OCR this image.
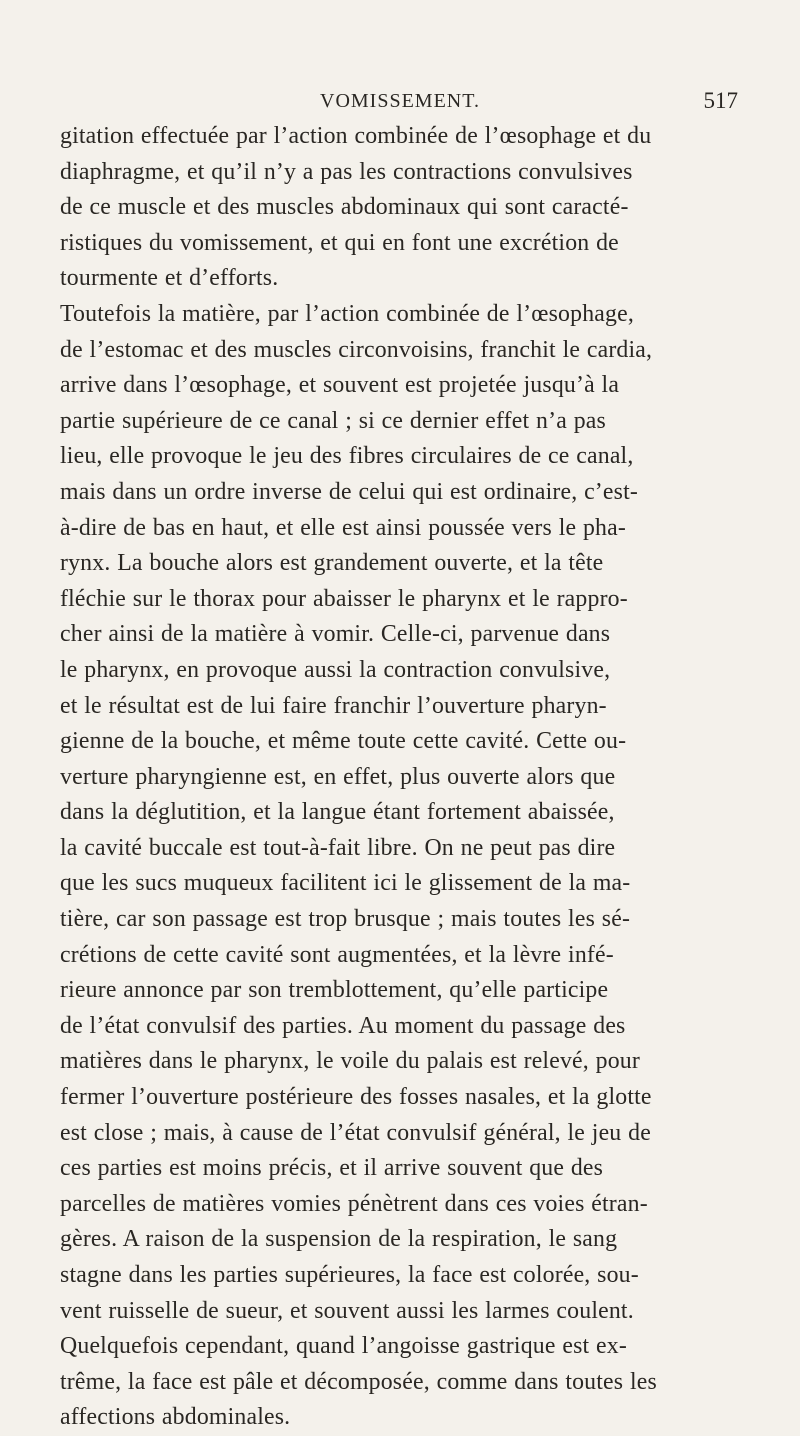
VOMISSEMENT.	517
gitation effectuée par l’action combinée de l’œsophage et du
diaphragme, et qu’il n’y a pas les contractions convulsives
de ce muscle et des muscles abdominaux qui sont caracté-
ristiques du vomissement, et qui en font une excrétion de
tourmente et d’efforts.
Toutefois la matière, par l’action combinée de l’œsophage,
de l’estomac et des muscles circonvoisins, franchit le cardia,
arrive dans l’œsophage, et souvent est projetée jusqu’à la
partie supérieure de ce canal ; si ce dernier effet n’a pas
lieu, elle provoque le jeu des fibres circulaires de ce canal,
mais dans un ordre inverse de celui qui est ordinaire, c’est-
à-dire de bas en haut, et elle est ainsi poussée vers le pha-
rynx. La bouche alors est grandement ouverte, et la tête
fléchie sur le thorax pour abaisser le pharynx et le rappro-
cher ainsi de la matière à vomir. Celle-ci, parvenue dans
le pharynx, en provoque aussi la contraction convulsive,
et le résultat est de lui faire franchir l’ouverture pharyn-
gienne de la bouche, et même toute cette cavité. Cette ou-
verture pharyngienne est, en effet, plus ouverte alors que
dans la déglutition, et la langue étant fortement abaissée,
la cavité buccale est tout-à-fait libre. On ne peut pas dire
que les sucs muqueux facilitent ici le glissement de la ma-
tière, car son passage est trop brusque ; mais toutes les sé-
crétions de cette cavité sont augmentées, et la lèvre infé-
rieure annonce par son tremblottement, qu’elle participe
de l’état convulsif des parties. Au moment du passage des
matières dans le pharynx, le voile du palais est relevé, pour
fermer l’ouverture postérieure des fosses nasales, et la glotte
est close ; mais, à cause de l’état convulsif général, le jeu de
ces parties est moins précis, et il arrive souvent que des
parcelles de matières vomies pénètrent dans ces voies étran-
gères. A raison de la suspension de la respiration, le sang
stagne dans les parties supérieures, la face est colorée, sou-
vent ruisselle de sueur, et souvent aussi les larmes coulent.
Quelquefois cependant, quand l’angoisse gastrique est ex-
trême, la face est pâle et décomposée, comme dans toutes les
affections abdominales.
